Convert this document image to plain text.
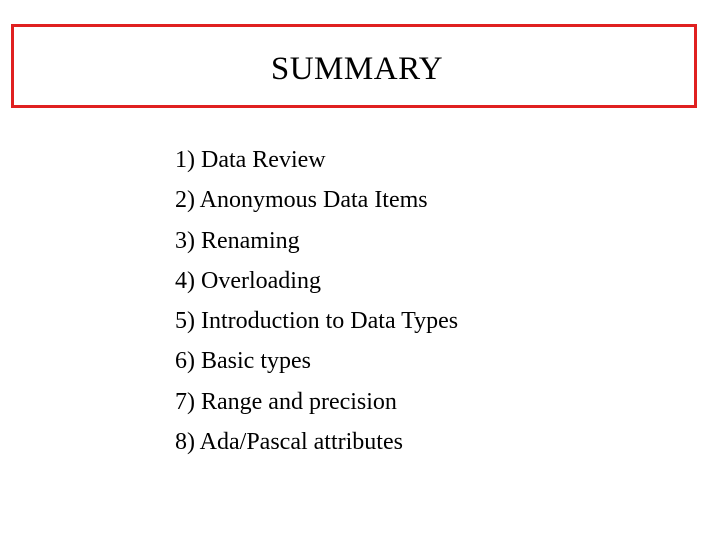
SUMMARY
1) Data Review
2) Anonymous Data Items
3) Renaming
4) Overloading
5) Introduction to Data Types
6) Basic types
7) Range and precision
8) Ada/Pascal attributes
